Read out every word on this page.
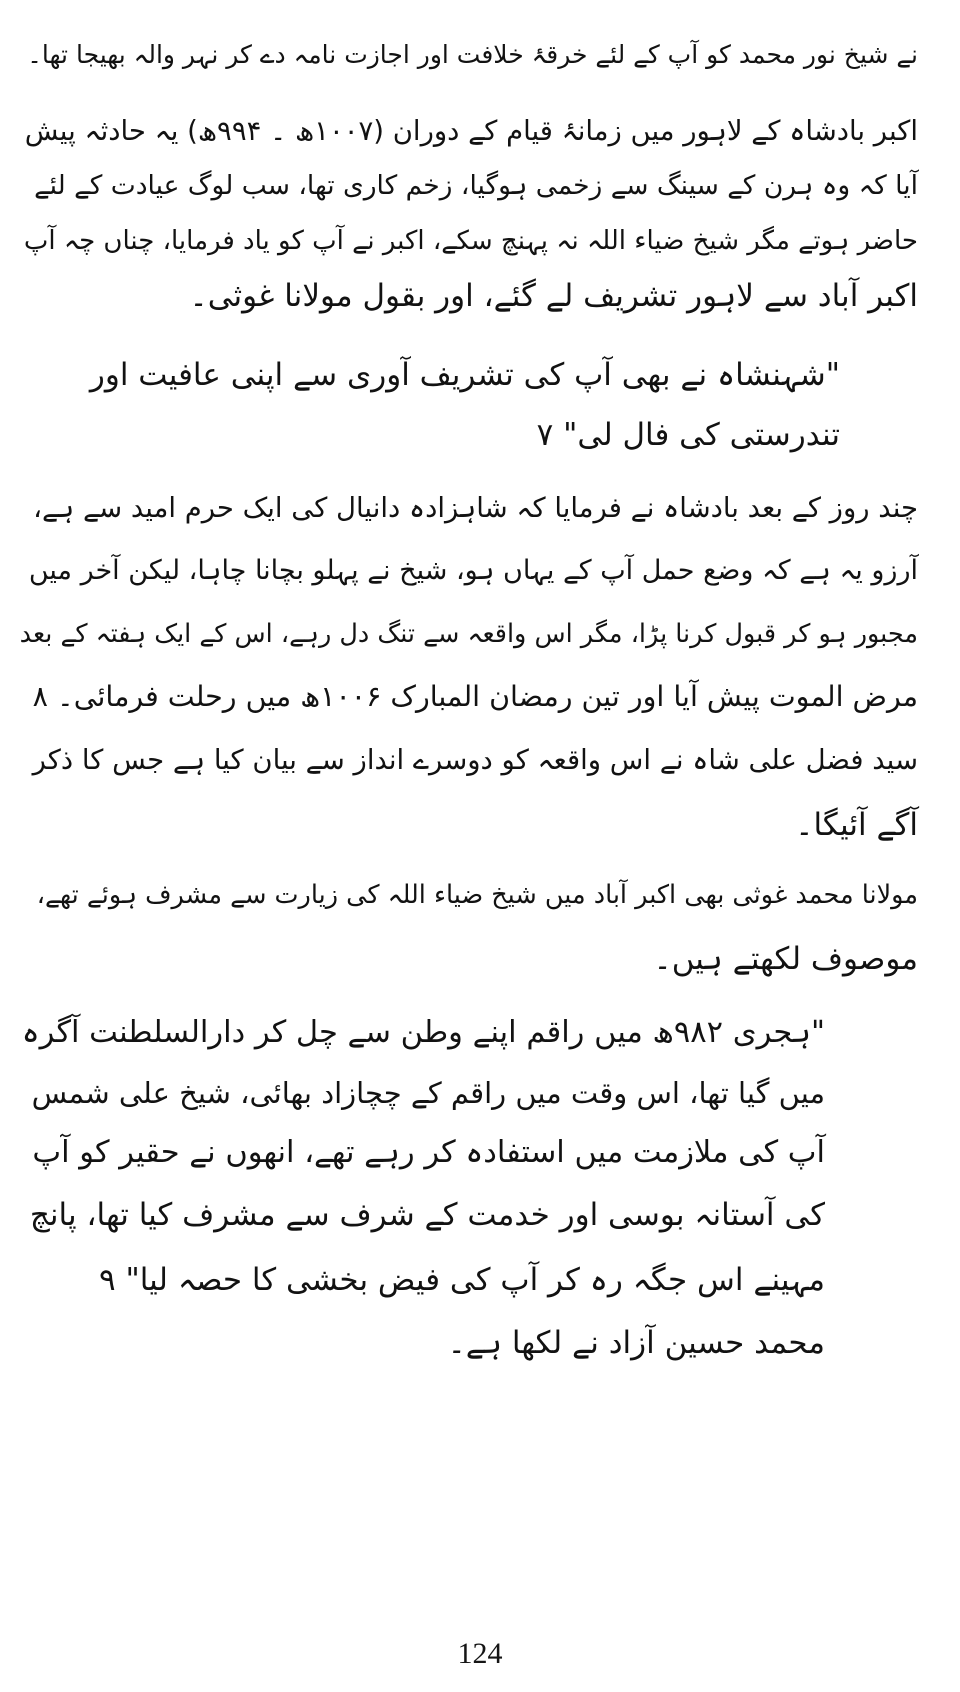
نے شیخ نور محمد کو آپ کے لئے خرقۂ خلافت اور اجازت نامہ دے کر نہر والہ بھیجا تھا۔
اکبر بادشاہ کے لاہور میں زمانۂ قیام کے دوران (۱۰۰۷ھ ۔ ۹۹۴ھ) یہ حادثہ پیش
آیا کہ وہ ہرن کے سینگ سے زخمی ہوگیا، زخم کاری تھا، سب لوگ عیادت کے لئے
حاضر ہوتے مگر شیخ ضیاء اللہ نہ پہنچ سکے، اکبر نے آپ کو یاد فرمایا، چناں چہ آپ
اکبر آباد سے لاہور تشریف لے گئے، اور بقول مولانا غوثی۔
"شہنشاہ نے بھی آپ کی تشریف آوری سے اپنی عافیت اور
تندرستی کی فال لی" ۷
چند روز کے بعد بادشاہ نے فرمایا کہ شاہزادہ دانیال کی ایک حرم امید سے ہے،
آرزو یہ ہے کہ وضع حمل آپ کے یہاں ہو، شیخ نے پہلو بچانا چاہا، لیکن آخر میں
مجبور ہو کر قبول کرنا پڑا، مگر اس واقعہ سے تنگ دل رہے، اس کے ایک ہفتہ کے بعد
مرض الموت پیش آیا اور تین رمضان المبارک ۱۰۰۶ھ میں رحلت فرمائی۔ ۸
سید فضل علی شاہ نے اس واقعہ کو دوسرے انداز سے بیان کیا ہے جس کا ذکر
آگے آئیگا۔
مولانا محمد غوثی بھی اکبر آباد میں شیخ ضیاء اللہ کی زیارت سے مشرف ہوئے تھے،
موصوف لکھتے ہیں۔
"ہجری ۹۸۲ھ میں راقم اپنے وطن سے چل کر دارالسلطنت آگرہ
میں گیا تھا، اس وقت میں راقم کے چچازاد بھائی، شیخ علی شمس
آپ کی ملازمت میں استفادہ کر رہے تھے، انھوں نے حقیر کو آپ
کی آستانہ بوسی اور خدمت کے شرف سے مشرف کیا تھا، پانچ
مہینے اس جگہ رہ کر آپ کی فیض بخشی کا حصہ لیا" ۹
محمد حسین آزاد نے لکھا ہے۔
124
